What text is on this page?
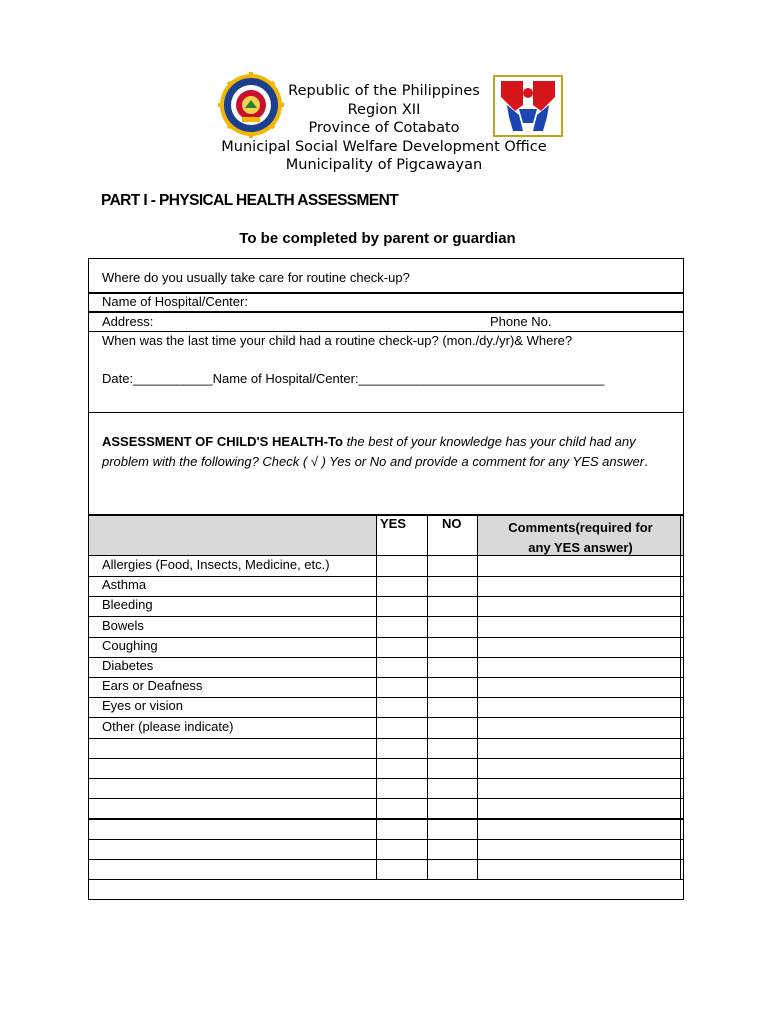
Republic of the Philippines
Region XII
Province of Cotabato
Municipal Social Welfare Development Office
Municipality of Pigcawayan
PART I - PHYSICAL HEALTH ASSESSMENT
To be completed by parent or guardian
Where do you usually take care for routine check-up?
Name of Hospital/Center:
Address:	Phone No.
When was the last time your child had a routine check-up? (mon./dy./yr)& Where?
Date:___________Name of Hospital/Center:__________________________________
ASSESSMENT OF CHILD'S HEALTH-To the best of your knowledge has your child had any problem with the following? Check ( √ ) Yes or No and provide a comment for any YES answer.
YES	NO	Comments(required for
any YES answer)
Allergies (Food, Insects, Medicine, etc.)
Asthma
Bleeding
Bowels
Coughing
Diabetes
Ears or Deafness
Eyes or vision
Other (please indicate)
